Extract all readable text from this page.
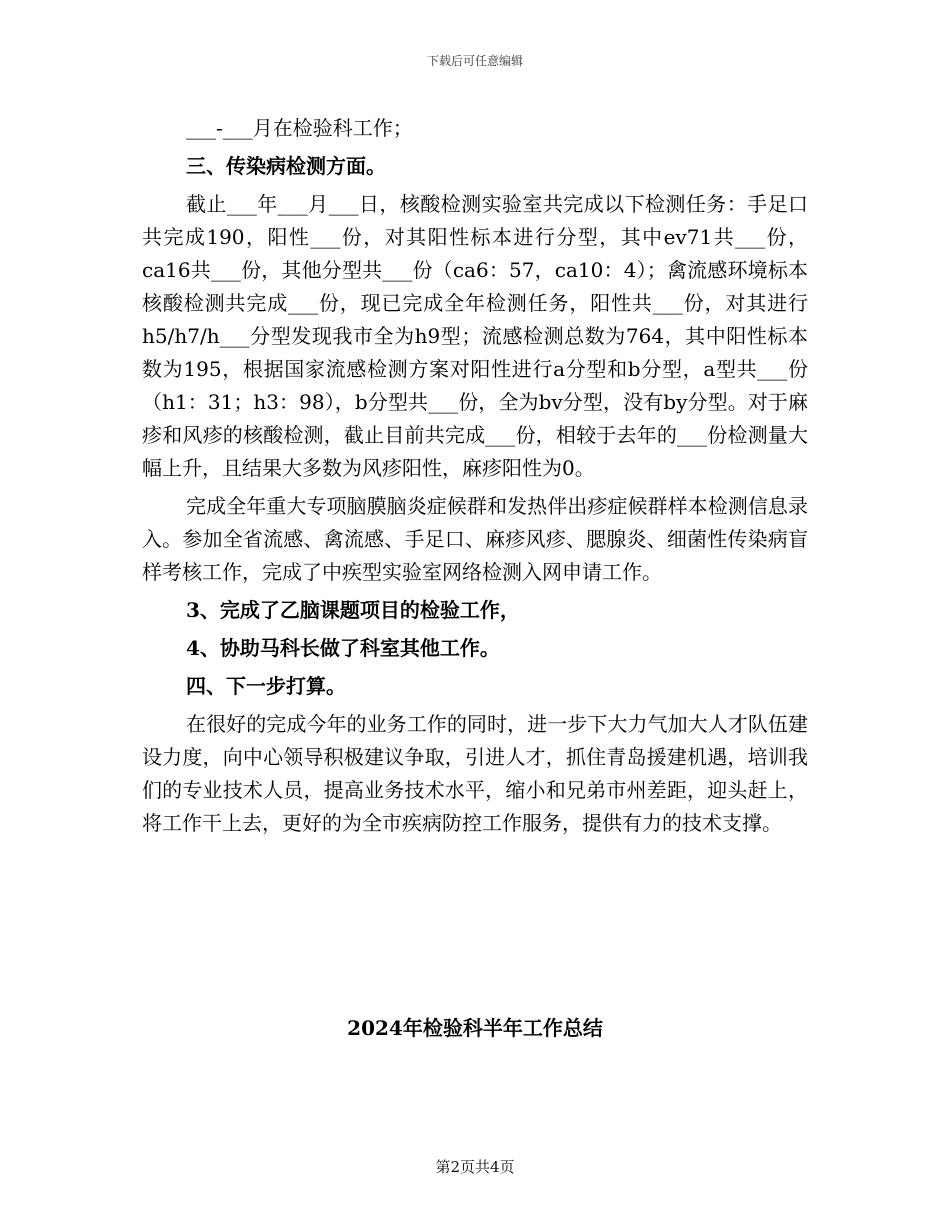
下载后可任意编辑

___-___月在检验科工作；

三、传染病检测方面。

截止___年___月___日，核酸检测实验室共完成以下检测任务：手足口共完成190，阳性___份，对其阳性标本进行分型，其中ev71共___份，ca16共___份，其他分型共___份（ca6：57，ca10：4）；禽流感环境标本核酸检测共完成___份，现已完成全年检测任务，阳性共___份，对其进行h5/h7/h___分型发现我市全为h9型；流感检测总数为764，其中阳性标本数为195，根据国家流感检测方案对阳性进行a分型和b分型，a型共___份（h1：31；h3：98），b分型共___份，全为bv分型，没有by分型。对于麻疹和风疹的核酸检测，截止目前共完成___份，相较于去年的___份检测量大幅上升，且结果大多数为风疹阳性，麻疹阳性为0。

完成全年重大专项脑膜脑炎症候群和发热伴出疹症候群样本检测信息录入。参加全省流感、禽流感、手足口、麻疹风疹、腮腺炎、细菌性传染病盲样考核工作，完成了中疾型实验室网络检测入网申请工作。

3、完成了乙脑课题项目的检验工作，

4、协助马科长做了科室其他工作。

四、下一步打算。

在很好的完成今年的业务工作的同时，进一步下大力气加大人才队伍建设力度，向中心领导积极建议争取，引进人才，抓住青岛援建机遇，培训我们的专业技术人员，提高业务技术水平，缩小和兄弟市州差距，迎头赶上，将工作干上去，更好的为全市疾病防控工作服务，提供有力的技术支撑。

2024年检验科半年工作总结
第2页共4页
